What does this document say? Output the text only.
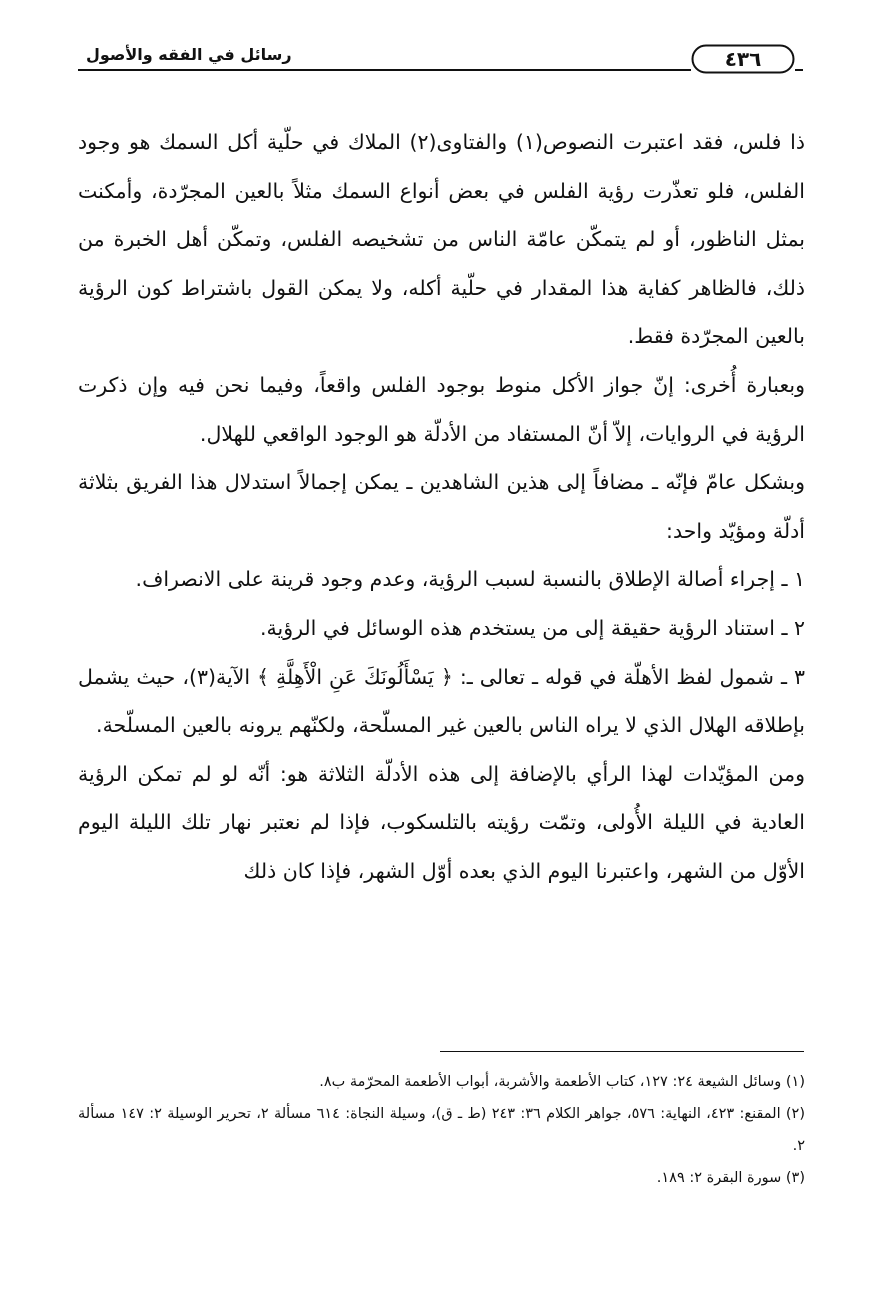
رسائل في الفقه والأصول	٤٣٦

ذا فلس، فقد اعتبرت النصوص(١) والفتاوى(٢) الملاك في حلّية أكل السمك هو وجود الفلس، فلو تعذّرت رؤية الفلس في بعض أنواع السمك مثلاً بالعين المجرّدة، وأمكنت بمثل الناظور، أو لم يتمكّن عامّة الناس من تشخيصه الفلس، وتمكّن أهل الخبرة من ذلك، فالظاهر كفاية هذا المقدار في حلّية أكله، ولا يمكن القول باشتراط كون الرؤية بالعين المجرّدة فقط.

وبعبارة أُخرى: إنّ جواز الأكل منوط بوجود الفلس واقعاً، وفيما نحن فيه وإن ذكرت الرؤية في الروايات، إلاّ أنّ المستفاد من الأدلّة هو الوجود الواقعي للهلال.

وبشكل عامّ فإنّه ـ مضافاً إلى هذين الشاهدين ـ يمكن إجمالاً استدلال هذا الفريق بثلاثة أدلّة ومؤيّد واحد:

١ ـ إجراء أصالة الإطلاق بالنسبة لسبب الرؤية، وعدم وجود قرينة على الانصراف.

٢ ـ استناد الرؤية حقيقة إلى من يستخدم هذه الوسائل في الرؤية.

٣ ـ شمول لفظ الأهلّة في قوله ـ تعالى ـ: ﴿ يَسْأَلُونَكَ عَنِ الْأَهِلَّةِ ﴾ الآية(٣)، حيث يشمل بإطلاقه الهلال الذي لا يراه الناس بالعين غير المسلّحة، ولكنّهم يرونه بالعين المسلّحة.

ومن المؤيّدات لهذا الرأي بالإضافة إلى هذه الأدلّة الثلاثة هو: أنّه لو لم تمكن الرؤية العادية في الليلة الأُولى، وتمّت رؤيته بالتلسكوب، فإذا لم نعتبر نهار تلك الليلة اليوم الأوّل من الشهر، واعتبرنا اليوم الذي بعده أوّل الشهر، فإذا كان ذلك

(١) وسائل الشيعة ٢٤: ١٢٧، كتاب الأطعمة والأشربة، أبواب الأطعمة المحرّمة ب٨.

(٢) المقنع: ٤٢٣، النهاية: ٥٧٦، جواهر الكلام ٣٦: ٢٤٣ (ط ـ ق)، وسيلة النجاة: ٦١٤ مسألة ٢، تحرير الوسيلة ٢: ١٤٧ مسألة ٢.

(٣) سورة البقرة ٢: ١٨٩.
